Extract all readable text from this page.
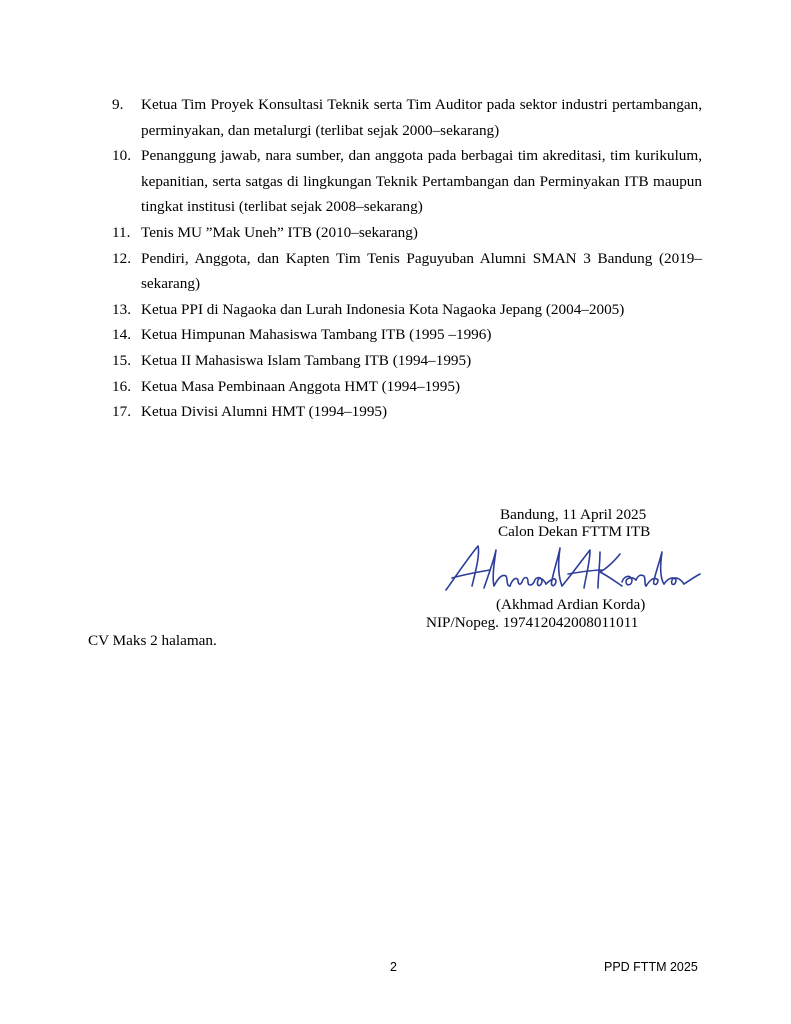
9.	Ketua Tim Proyek Konsultasi Teknik serta Tim Auditor pada sektor industri pertambangan, perminyakan, dan metalurgi (terlibat sejak 2000–sekarang)
10. Penanggung jawab, nara sumber, dan anggota pada berbagai tim akreditasi, tim kurikulum, kepanitian, serta satgas di lingkungan Teknik Pertambangan dan Perminyakan ITB maupun tingkat institusi (terlibat sejak 2008–sekarang)
11. Tenis MU ”Mak Uneh” ITB (2010–sekarang)
12. Pendiri, Anggota, dan Kapten Tim Tenis Paguyuban Alumni SMAN 3 Bandung (2019–sekarang)
13. Ketua PPI di Nagaoka dan Lurah Indonesia Kota Nagaoka Jepang (2004–2005)
14. Ketua Himpunan Mahasiswa Tambang ITB (1995 –1996)
15. Ketua II Mahasiswa Islam Tambang ITB (1994–1995)
16. Ketua Masa Pembinaan Anggota HMT (1994–1995)
17. Ketua Divisi Alumni HMT (1994–1995)
Bandung, 11 April 2025
Calon Dekan FTTM ITB
(Akhmad Ardian Korda)
NIP/Nopeg. 197412042008011011
CV Maks 2 halaman.
2	PPD FTTM 2025
